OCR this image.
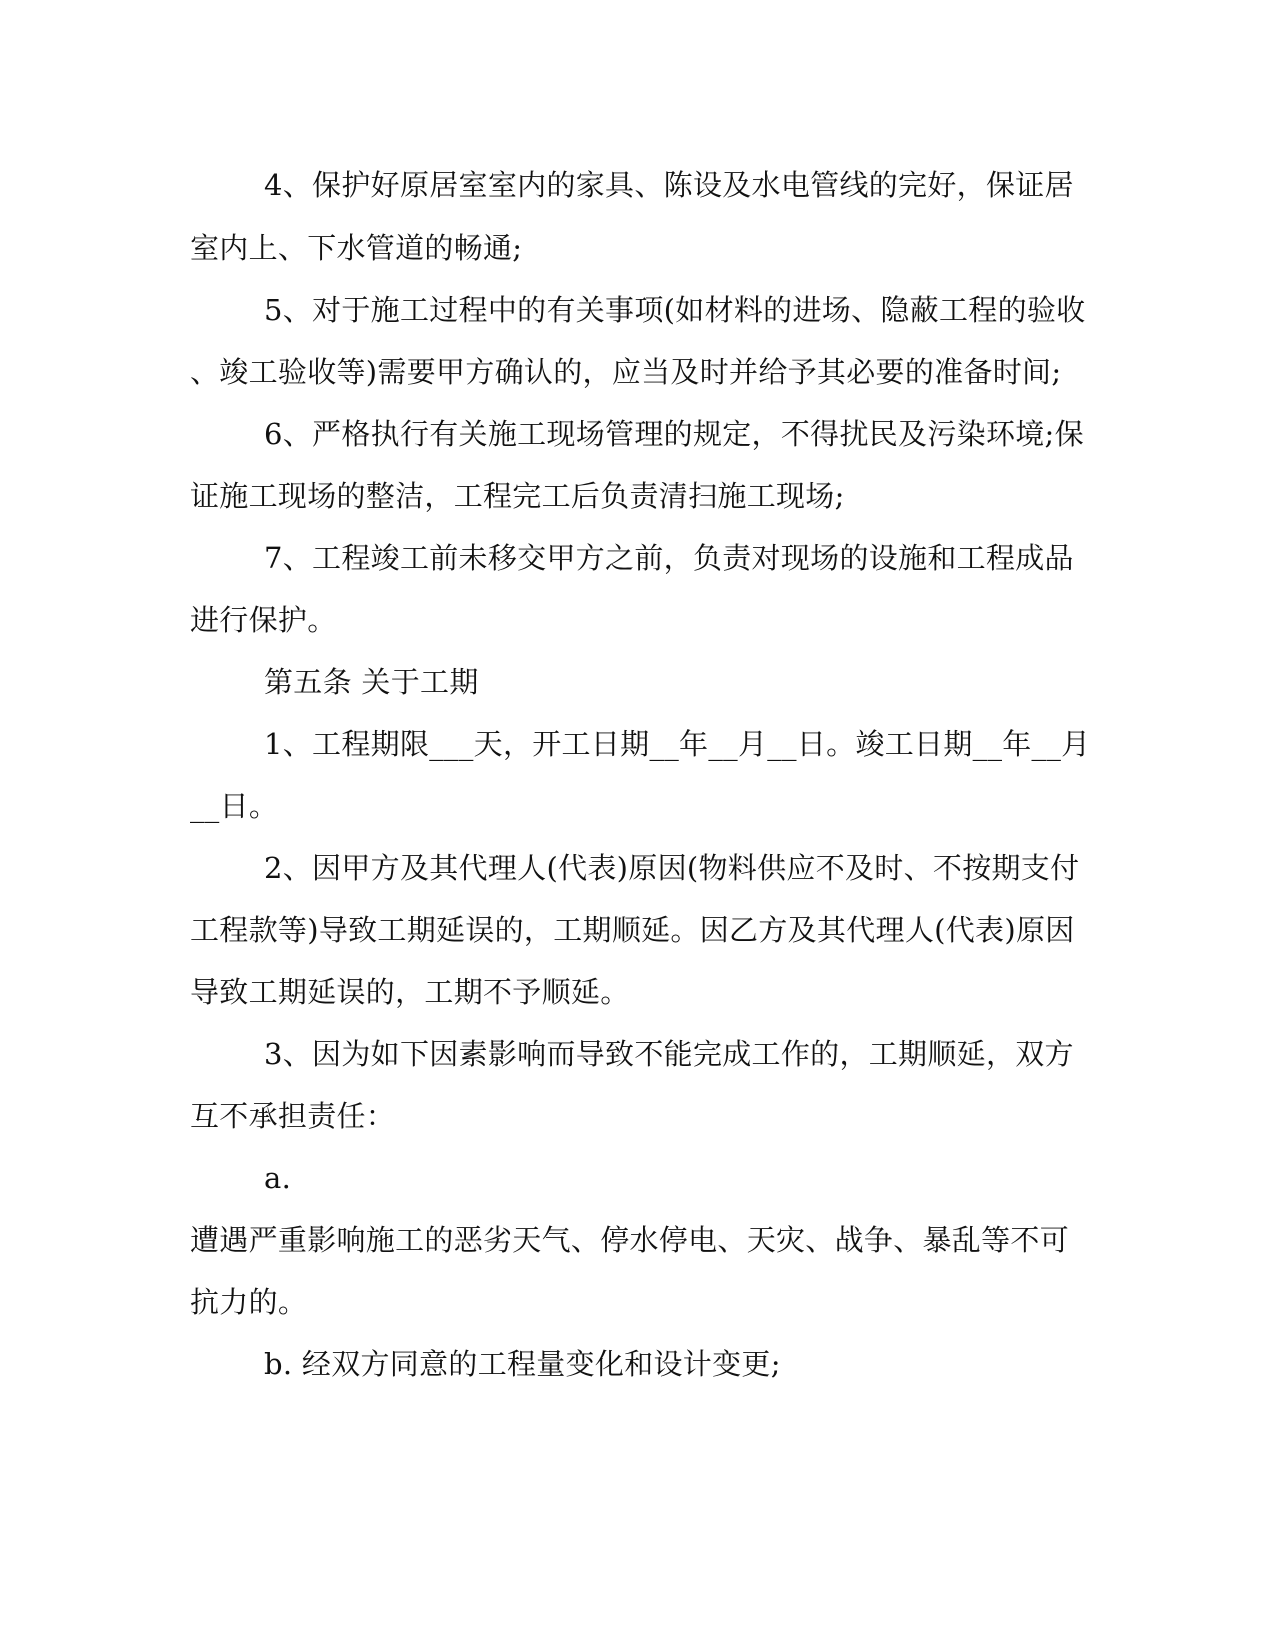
4、保护好原居室室内的家具、陈设及水电管线的完好，保证居
室内上、下水管道的畅通;
5、对于施工过程中的有关事项(如材料的进场、隐蔽工程的验收
、竣工验收等)需要甲方确认的，应当及时并给予其必要的准备时间;
6、严格执行有关施工现场管理的规定，不得扰民及污染环境;保
证施工现场的整洁，工程完工后负责清扫施工现场;
7、工程竣工前未移交甲方之前，负责对现场的设施和工程成品
进行保护。
第五条 关于工期
1、工程期限___天，开工日期__年__月__日。竣工日期__年__月
__日。
2、因甲方及其代理人(代表)原因(物料供应不及时、不按期支付
工程款等)导致工期延误的，工期顺延。因乙方及其代理人(代表)原因
导致工期延误的，工期不予顺延。
3、因为如下因素影响而导致不能完成工作的，工期顺延，双方
互不承担责任：
a.
遭遇严重影响施工的恶劣天气、停水停电、天灾、战争、暴乱等不可
抗力的。
b. 经双方同意的工程量变化和设计变更;
